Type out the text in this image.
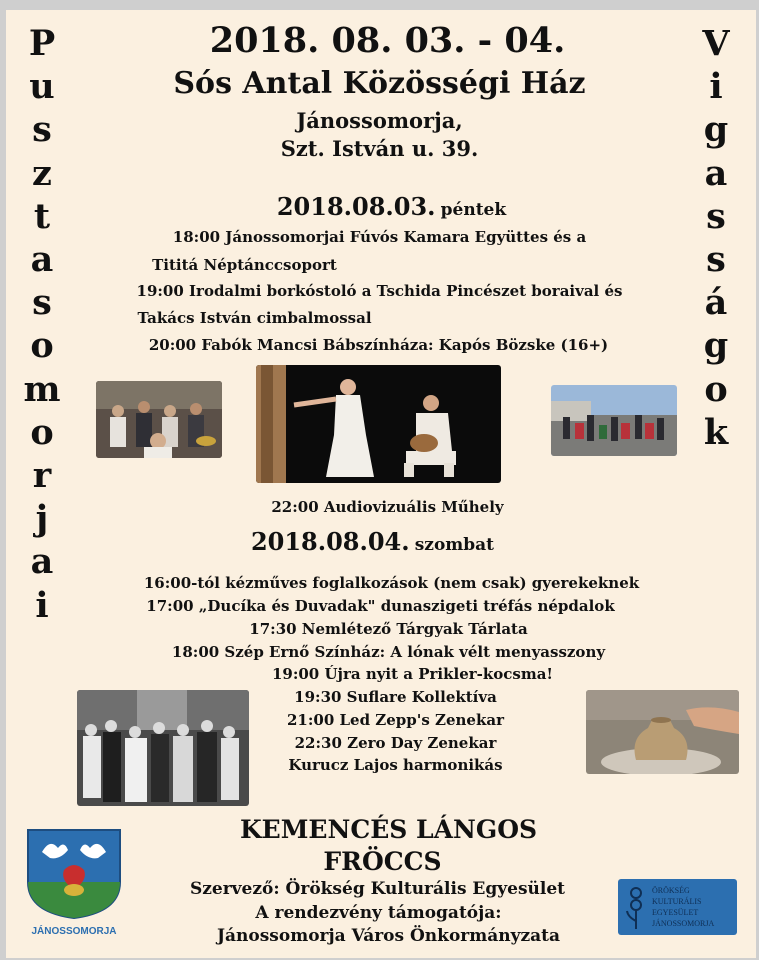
P
u
s
z
t
a
s
o
m
o
r
j
a
i
V
i
g
a
s
s
á
g
o
k
2018. 08. 03. - 04.
Sós Antal Közösségi Ház
Jánossomorja,
Szt. István u. 39.
2018.08.03. péntek
18:00 Jánossomorjai Fúvós Kamara Együttes és a
Tititá Néptánccsoport
19:00 Irodalmi borkóstoló a Tschida Pincészet boraival és
Takács István cimbalmossal
20:00 Fabók Mancsi Bábszínháza: Kapós Bözske (16+)
22:00 Audiovizuális Műhely
2018.08.04. szombat
16:00-tól kézműves foglalkozások (nem csak) gyerekeknek
17:00 „Ducíka és Duvadak" dunaszigeti tréfás népdalok
17:30 Nemlétező Tárgyak Tárlata
18:00 Szép Ernő Színház: A lónak vélt menyasszony
19:00 Újra nyit a Prikler-kocsma!
19:30 Suflare Kollektíva
21:00 Led Zepp's Zenekar
22:30 Zero Day Zenekar
Kurucz Lajos harmonikás
KEMENCÉS LÁNGOS
FRÖCCS
Szervező: Örökség Kulturális Egyesület
A rendezvény támogatója:
Jánossomorja Város Önkormányzata
JÁNOSSOMORJA
ÖRÖKSÉG
KULTURÁLIS
EGYESÜLET
JÁNOSSOMORJA
